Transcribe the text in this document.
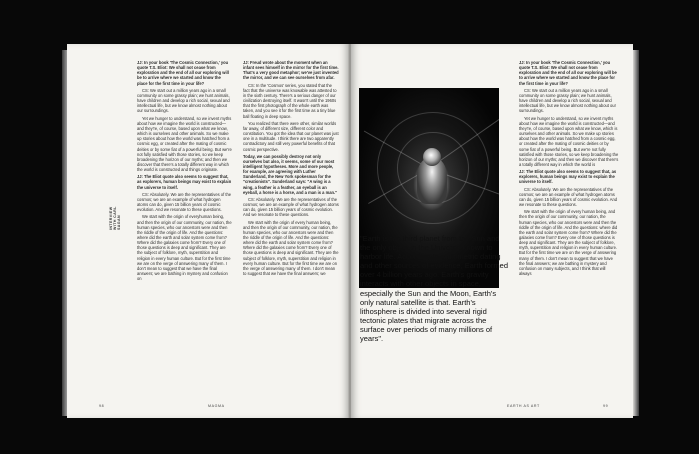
INTERVIEW WITH CARL SAGAN

JJ: In your book 'The Cosmic Connection,' you quote T.S. Eliot: We shall not cease from exploration and the end of all our exploring will be to arrive where we started and know the place for the first time in your life?

CS: We start out a million years ago in a small community on some grassy plain; we hunt animals, have children and develop a rich social, sexual and intellectual life, but we know almost nothing about our surroundings.

Yet we hunger to understand, so we invent myths about how we imagine the world is constructed—and they're, of course, based upon what we know, which is ourselves and other animals. So we make up stories about how the world was hatched from a cosmic egg, or created after the mating of cosmic deities or by some fiat of a powerful being. But we're not fully satisfied with those stories, so we keep broadening the horizon of our myths; and then we discover that there's a totally different way in which the world is constructed and things originate.

JJ: The Eliot quote also seems to suggest that, as explorers, human beings may exist to explain the universe to itself.

CS: Absolutely. We are the representatives of the cosmos; we are an example of what hydrogen atoms can do, given 15 billion years of cosmic evolution. And we resonate to these questions.

We start with the origin of everyhuman being, and then the origin of our community, our nation, the human species, who our ancestors were and then the riddle of the origin of life. And the questions: where did the earth and solar system come from? Where did the galaxies come from? Every one of those questions is deep and significant. They are the subject of folklore, myth, superstition and religion in every human culture. But for the first time we are on the verge of answering many of them. I don't mean to suggest that we have the final answers; we are bathing in mystery and confusion on

JJ: Freud wrote about the moment when an infant sees himself in the mirror for the first time. That's a very good metaphor; we've just invented the mirror, and we can see ourselves from afar.

CS: In the 'Cosmos' series, you stated that the fact that the universe was knowable was attested to in the sixth century. There's a serious danger of our civilization destroying itself. It wasn't until the 1960s that the first photograph of the whole earth was taken, and you see it for the first time as a tiny blue ball floating in deep space.

You realized that there were other, similar worlds far away, of different size, different color and constitution. You got the idea that our planet was just one in a multitude. I think there are two apparently contradictory and still very powerful benefits of that cosmic perspective.

Today, we can possibly destroy not only ourselves but also, it seems, some of our most intelligent hypotheses. More and more people, for example, are agreeing with Luther Sunderland, the New York spokesman for the "creationists". Sunderland says: "A wing is a wing, a feather is a feather, an eyeball is an eyeball, a horse is a horse, and a man is a man."

CS: Absolutely. We are the representatives of the cosmos; we are an example of what hydrogen atoms can do, given 15 billion years of cosmic evolution. And we resonate to these questions.

We start with the origin of every human being, and then the origin of our community, our nation, the human species, who our ancestors were and then the riddle of the origin of life. And the questions: where did the earth and solar system come from? Where did the galaxies come from? Every one of those questions is deep and significant. They are the subject of folklore, myth, superstition and religion in every human culture. But for the first time we are on the verge of answering many of them. I don't mean to suggest that we have the final answers; we

98	MAGMA
"Earth is the third planet from the Sun and the only object in the Universe known to harbor life. According to radiometric dating and other sources of evidence, Earth formed over 4 billion years ago. Earth's gravity interacts with other objects in space, especially the Sun and the Moon, Earth's only natural satellite is that. Earth's lithosphere is divided into several rigid tectonic plates that migrate across the surface over periods of many millions of years".

JJ: In your book 'The Cosmic Connection,' you quote T.S. Eliot: We shall not cease from exploration and the end of all our exploring will be to arrive where we started and know the place for the first time in your life?

CS: We start out a million years ago in a small community on some grassy plain; we hunt animals, have children and develop a rich social, sexual and intellectual life, but we know almost nothing about our surroundings.

Yet we hunger to understand, so we invent myths about how we imagine the world is constructed—and they're, of course, based upon what we know, which is ourselves and other animals. So we make up stories about how the world was hatched from a cosmic egg, or created after the mating of cosmic deities or by some fiat of a powerful being. But we're not fully satisfied with those stories, so we keep broadening the horizon of our myths; and then we discover that there's a totally different way in which the world is

JJ: The Eliot quote also seems to suggest that, as explorers, human beings may exist to explain the universe to itself.

CS: Absolutely. We are the representatives of the cosmos; we are an example of what hydrogen atoms can do, given 15 billion years of cosmic evolution. And we resonate to these questions.

We start with the origin of every human being, and then the origin of our community, our nation, the human species, who our ancestors were and then the riddle of the origin of life. And the questions: where did the earth and solar system come from? Where did the galaxies come from? Every one of those questions is deep and significant. They are the subject of folklore, myth, superstition and religion in every human culture. But for the first time we are on the verge of answering many of them. I don't mean to suggest that we have the final answers; we are bathing in mystery and confusion on many subjects, and I think that will always

EARTH AS ART	99
